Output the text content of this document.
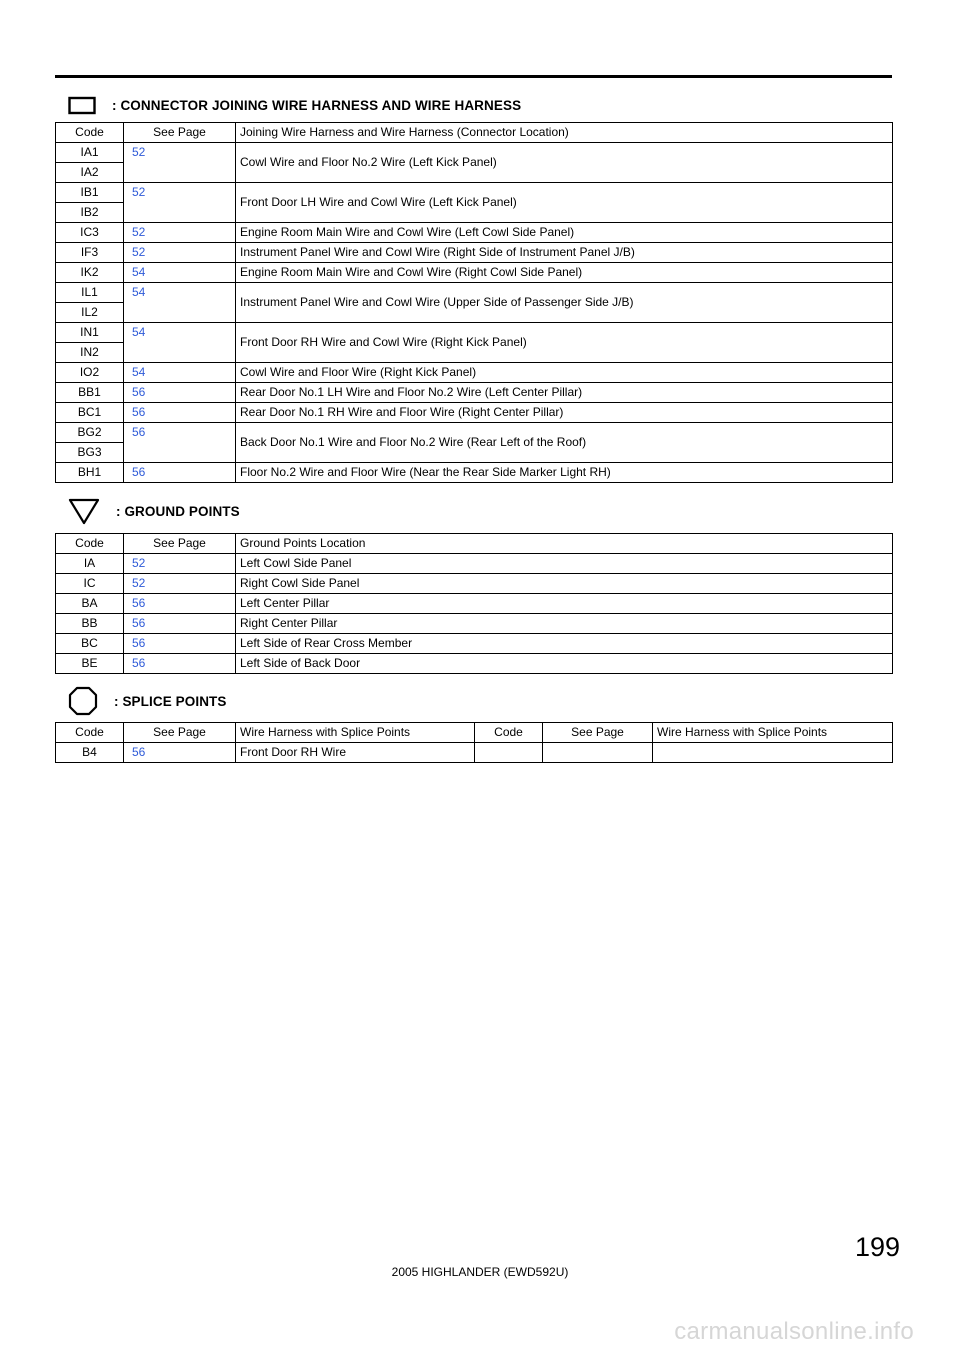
: CONNECTOR JOINING WIRE HARNESS AND WIRE HARNESS
Code	See Page	Joining Wire Harness and Wire Harness (Connector Location)
IA1	52	Cowl Wire and Floor No.2 Wire (Left Kick Panel)
IA2		
IB1	52	Front Door LH Wire and Cowl Wire (Left Kick Panel)
IB2		
IC3	52	Engine Room Main Wire and Cowl Wire (Left Cowl Side Panel)
IF3	52	Instrument Panel Wire and Cowl Wire (Right Side of Instrument Panel J/B)
IK2	54	Engine Room Main Wire and Cowl Wire (Right Cowl Side Panel)
IL1	54	Instrument Panel Wire and Cowl Wire (Upper Side of Passenger Side J/B)
IL2		
IN1	54	Front Door RH Wire and Cowl Wire (Right Kick Panel)
IN2		
IO2	54	Cowl Wire and Floor Wire (Right Kick Panel)
BB1	56	Rear Door No.1 LH Wire and Floor No.2 Wire (Left Center Pillar)
BC1	56	Rear Door No.1 RH Wire and Floor Wire (Right Center Pillar)
BG2	56	Back Door No.1 Wire and Floor No.2 Wire (Rear Left of the Roof)
BG3		
BH1	56	Floor No.2 Wire and Floor Wire (Near the Rear Side Marker Light RH)
: GROUND POINTS
Code	See Page	Ground Points Location
IA	52	Left Cowl Side Panel
IC	52	Right Cowl Side Panel
BA	56	Left Center Pillar
BB	56	Right Center Pillar
BC	56	Left Side of Rear Cross Member
BE	56	Left Side of Back Door
: SPLICE POINTS
Code	See Page	Wire Harness with Splice Points	Code	See Page	Wire Harness with Splice Points
B4	56	Front Door RH Wire			
199
2005 HIGHLANDER (EWD592U)
carmanualsonline.info
